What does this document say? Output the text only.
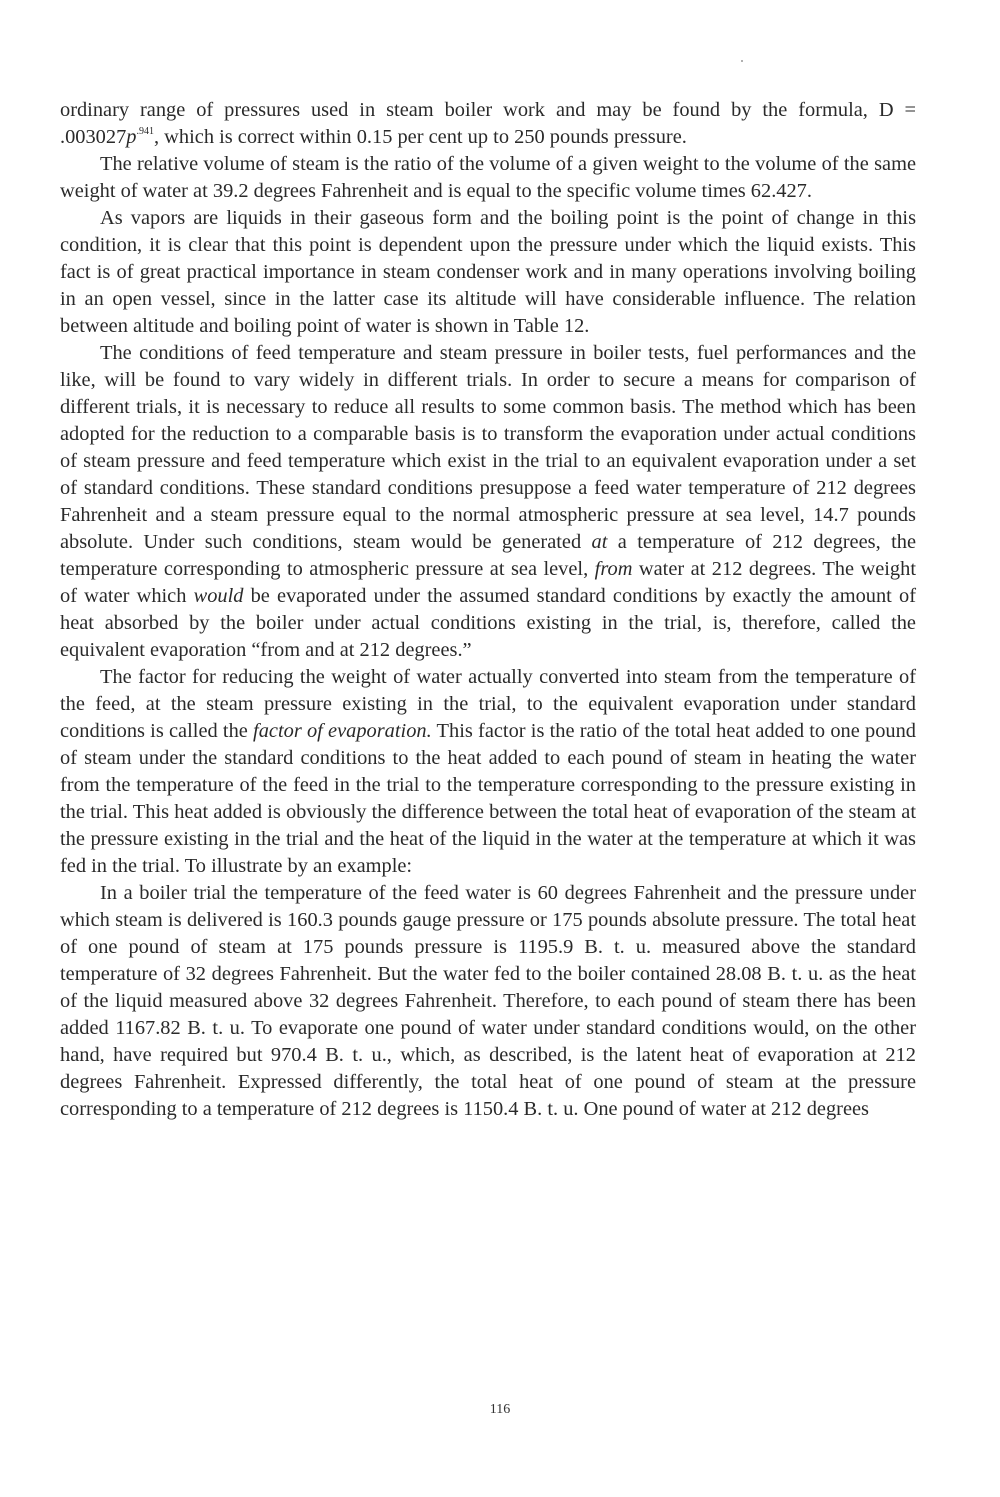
ordinary range of pressures used in steam boiler work and may be found by the formula, $D = .003027p^{.941}$, which is correct within 0.15 per cent up to 250 pounds pressure.

The relative volume of steam is the ratio of the volume of a given weight to the volume of the same weight of water at 39.2 degrees Fahrenheit and is equal to the specific volume times 62.427.

As vapors are liquids in their gaseous form and the boiling point is the point of change in this condition, it is clear that this point is dependent upon the pressure under which the liquid exists. This fact is of great practical importance in steam condenser work and in many operations involving boiling in an open vessel, since in the latter case its altitude will have considerable influence. The relation between altitude and boiling point of water is shown in Table 12.

The conditions of feed temperature and steam pressure in boiler tests, fuel performances and the like, will be found to vary widely in different trials. In order to secure a means for comparison of different trials, it is necessary to reduce all results to some common basis. The method which has been adopted for the reduction to a comparable basis is to transform the evaporation under actual conditions of steam pressure and feed temperature which exist in the trial to an equivalent evaporation under a set of standard conditions. These standard conditions presuppose a feed water temperature of 212 degrees Fahrenheit and a steam pressure equal to the normal atmospheric pressure at sea level, 14.7 pounds absolute. Under such conditions, steam would be generated at a temperature of 212 degrees, the temperature corresponding to atmospheric pressure at sea level, from water at 212 degrees. The weight of water which would be evaporated under the assumed standard conditions by exactly the amount of heat absorbed by the boiler under actual conditions existing in the trial, is, therefore, called the equivalent evaporation “from and at 212 degrees.”

The factor for reducing the weight of water actually converted into steam from the temperature of the feed, at the steam pressure existing in the trial, to the equivalent evaporation under standard conditions is called the factor of evaporation. This factor is the ratio of the total heat added to one pound of steam under the standard conditions to the heat added to each pound of steam in heating the water from the temperature of the feed in the trial to the temperature corresponding to the pressure existing in the trial. This heat added is obviously the difference between the total heat of evaporation of the steam at the pressure existing in the trial and the heat of the liquid in the water at the temperature at which it was fed in the trial. To illustrate by an example:

In a boiler trial the temperature of the feed water is 60 degrees Fahrenheit and the pressure under which steam is delivered is 160.3 pounds gauge pressure or 175 pounds absolute pressure. The total heat of one pound of steam at 175 pounds pressure is 1195.9 B. t. u. measured above the standard temperature of 32 degrees Fahrenheit. But the water fed to the boiler contained 28.08 B. t. u. as the heat of the liquid measured above 32 degrees Fahrenheit. Therefore, to each pound of steam there has been added 1167.82 B. t. u. To evaporate one pound of water under standard conditions would, on the other hand, have required but 970.4 B. t. u., which, as described, is the latent heat of evaporation at 212 degrees Fahrenheit. Expressed differently, the total heat of one pound of steam at the pressure corresponding to a temperature of 212 degrees is 1150.4 B. t. u. One pound of water at 212 degrees

116
